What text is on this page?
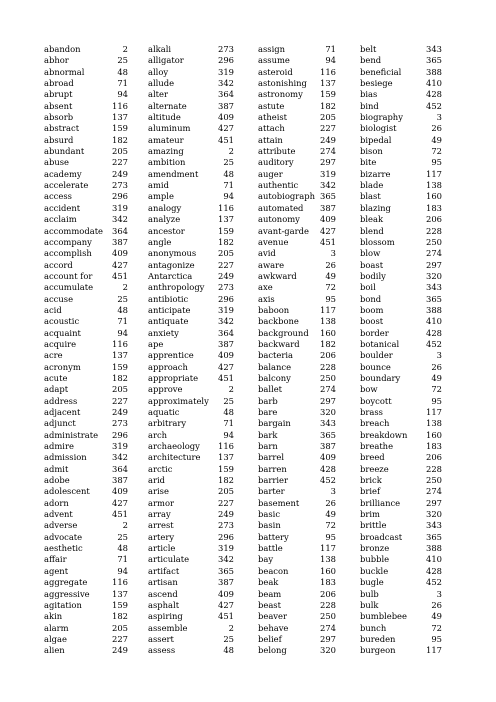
abandon	2
abhor	25
abnormal	48
abroad	71
abrupt	94
absent	116
absorb	137
abstract	159
absurd	182
abundant	205
abuse	227
academy	249
accelerate	273
access	296
accident	319
acclaim	342
accommodate 364
accompany 387
accomplish 409
accord	427
account for 451
accumulate	2
accuse	25
acid	48
acoustic	71
acquaint	94
acquire	116
acre	137
acronym	159
acute	182
adapt	205
address	227
adjacent	249
adjunct	273
administrate 296
admire	319
admission	342
admit	364
adobe	387
adolescent	409
adorn	427
advent	451
adverse	2
advocate	25
aesthetic	48
affair	71
agent	94
aggregate	116
aggressive	137
agitation	159
akin	182
alarm	205
algae	227
alien	249
alkali	273
alligator	296
alloy	319
allude	342
alter	364
alternate	387
altitude	409
aluminum	427
amateur	451
amazing	2
ambition	25
amendment	48
amid	71
ample	94
analogy	116
analyze	137
ancestor	159
angle	182
anonymous	205
antagonize	227
Antarctica	249
anthropology 273
antibiotic	296
anticipate	319
antiquate	342
anxiety	364
ape	387
apprentice	409
approach	427
appropriate 451
approve	2
approximately 25
aquatic	48
arbitrary	71
arch	94
archaeology 116
architecture 137
arctic	159
arid	182
arise	205
armor	227
array	249
arrest	273
artery	296
article	319
articulate	342
artifact	365
artisan	387
ascend	409
asphalt	427
aspiring	451
assemble	2
assert	25
assess	48
assign	71
assume	94
asteroid	116
astonishing 137
astronomy 159
astute	182
atheist	205
attach	227
attain	249
attribute	274
auditory	297
auger	319
authentic	342
autobiograph 365
automated 387
autonomy 409
avant-garde 427
avenue	451
avid	3
aware	26
awkward	49
axe	72
axis	95
baboon	117
backbone	138
background 160
backward 182
bacteria	206
balance	228
balcony	250
ballet	274
barb	297
bare	320
bargain	343
bark	365
barn	387
barrel	409
barren	428
barrier	452
barter	3
basement	26
basic	49
basin	72
battery	95
battle	117
bay	138
beacon	160
beak	183
beam	206
beast	228
beaver	250
behave	274
belief	297
belong	320
belt	343
bend	365
beneficial	388
besiege	410
bias	428
bind	452
biography	3
biologist	26
bipedal	49
bison	72
bite	95
bizarre	117
blade	138
blast	160
blazing	183
bleak	206
blend	228
blossom	250
blow	274
boast	297
bodily	320
boil	343
bond	365
boom	388
boost	410
border	428
botanical	452
boulder	3
bounce	26
boundary	49
bow	72
boycott	95
brass	117
breach	138
breakdown 160
breathe	183
breed	206
breeze	228
brick	250
brief	274
brilliance	297
brim	320
brittle	343
broadcast	365
bronze	388
bubble	410
buckle	428
bugle	452
bulb	3
bulk	26
bumblebee	49
bunch	72
bureden	95
burgeon	117
